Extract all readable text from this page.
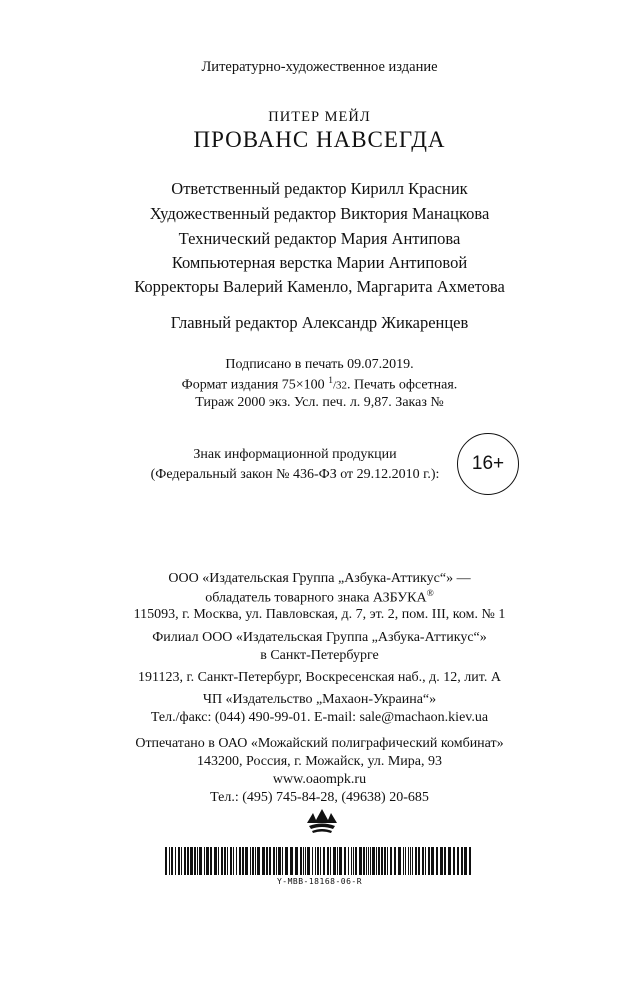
Литературно-художественное издание
ПИТЕР МЕЙЛ
ПРОВАНС НАВСЕГДА
Ответственный редактор Кирилл Красник
Художественный редактор Виктория Манацкова
Технический редактор Мария Антипова
Компьютерная верстка Марии Антиповой
Корректоры Валерий Каменло, Маргарита Ахметова
Главный редактор Александр Жикаренцев
Подписано в печать 09.07.2019.
Формат издания 75×100 $^1$/32. Печать офсетная.
Тираж 2000 экз. Усл. печ. л. 9,87. Заказ №
Знак информационной продукции
(Федеральный закон № 436-ФЗ от 29.12.2010 г.):
16+
ООО «Издательская Группа „Азбука-Аттикус“» —
обладатель товарного знака АЗБУКА®
115093, г. Москва, ул. Павловская, д. 7, эт. 2, пом. III, ком. № 1
Филиал ООО «Издательская Группа „Азбука-Аттикус“»
в Санкт-Петербурге
191123, г. Санкт-Петербург, Воскресенская наб., д. 12, лит. А
ЧП «Издательство „Махаон-Украина“»
Тел./факс: (044) 490-99-01. E-mail: sale@machaon.kiev.ua
Отпечатано в ОАО «Можайский полиграфический комбинат»
143200, Россия, г. Можайск, ул. Мира, 93
www.oaompk.ru
Тел.: (495) 745-84-28, (49638) 20-685
Y-MBB-18168-06-R
